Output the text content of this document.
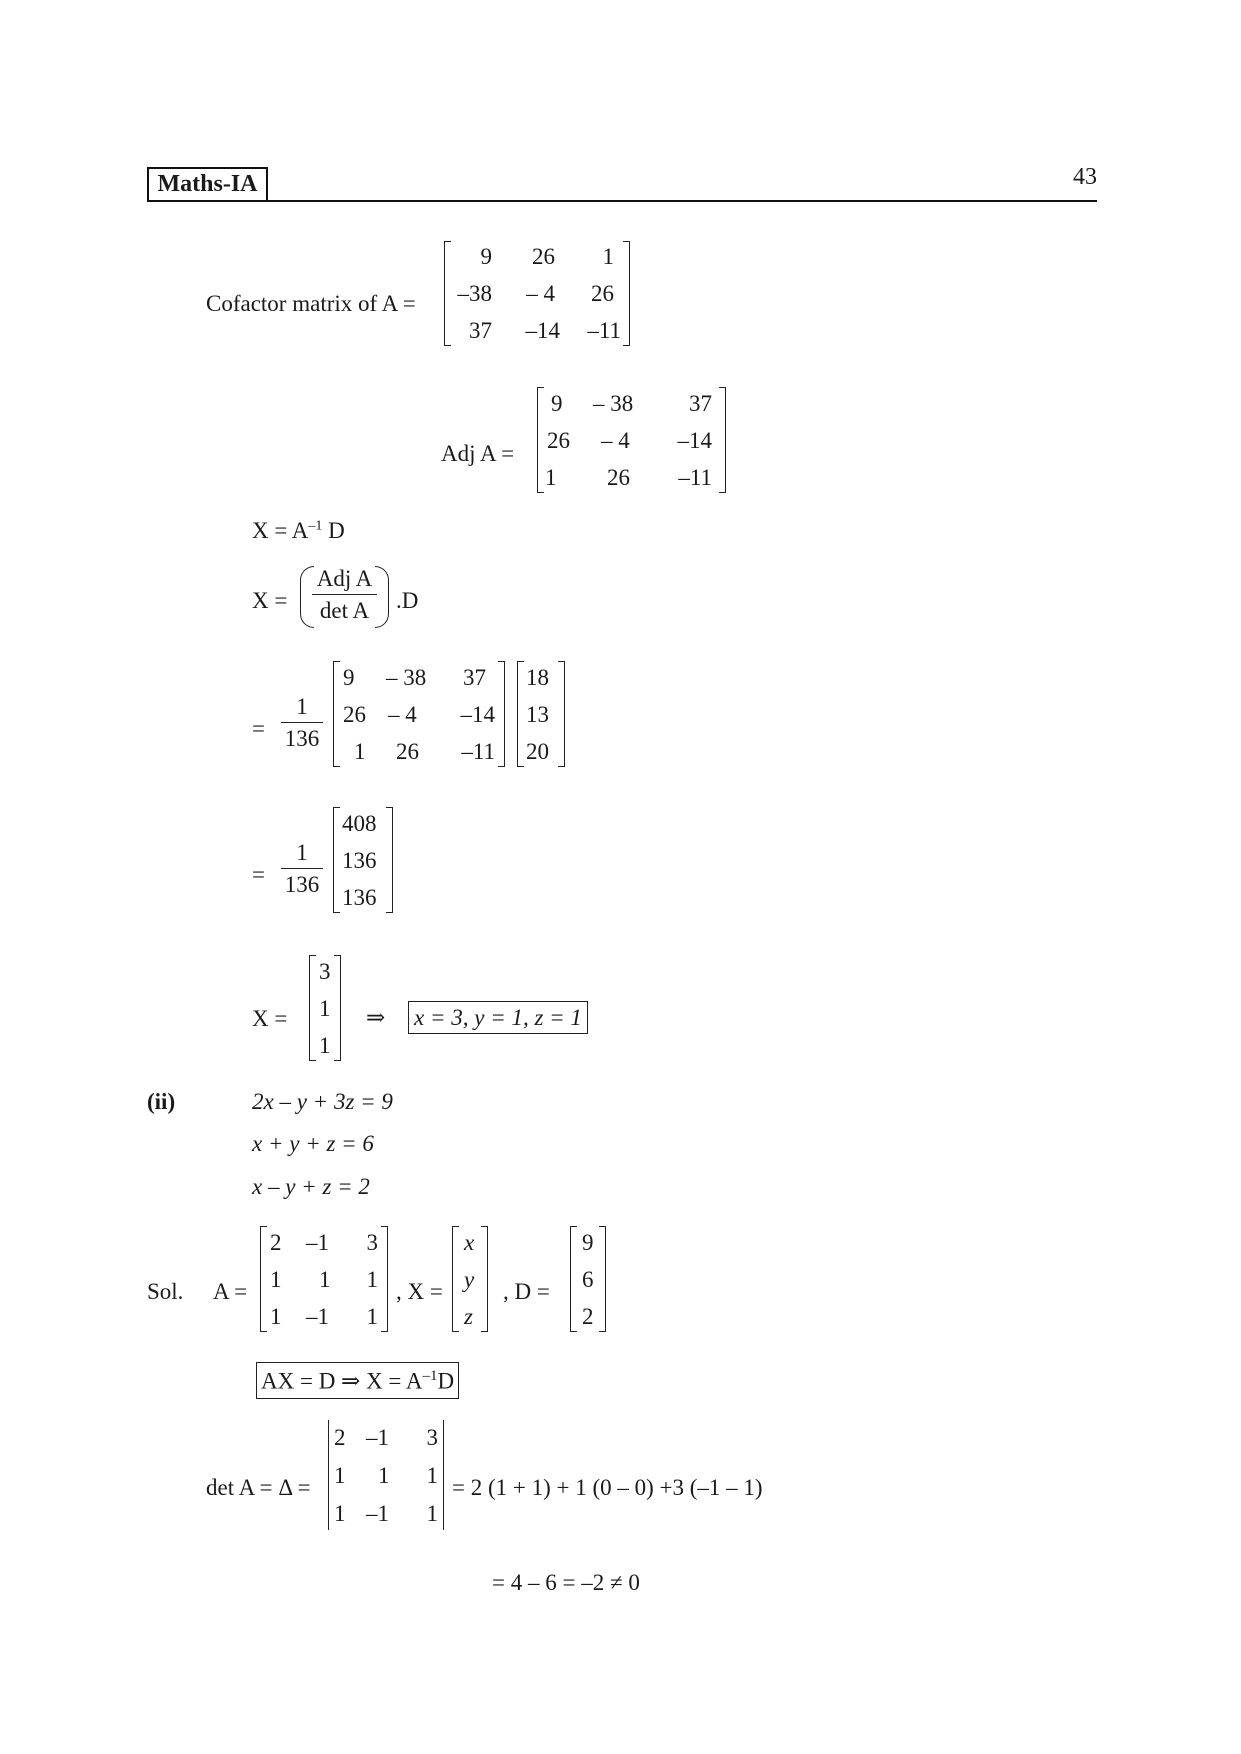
Maths-IA	43
Cofactor matrix of A =
9 26 1
–38 – 4 26
37 –14 –11
Adj A =
9 – 38 37
26 – 4 –14
1 26 –11
$X = A^{-1}$ D
X =
Adj A
det A	.D
=
1
136
9 – 38 37
26 – 4 –14
1 26 –11
18
13
20
=
1
136
408
136
136
X =
3
1
1
⇒ x = 3, y = 1, z = 1
(ii)	2x – y + 3z = 9
x + y + z = 6
x – y + z = 2
Sol. A =
2 –1 3
1 1 1
1 –1 1
, X =
x
y
z
, D =
9
6
2
AX = D ⇒ $X = A^{-1}D$
det A = Δ =
2 –1 3
1 1 1
1 –1 1
= 2 (1 + 1) + 1 (0 – 0) +3 (–1 – 1)
= 4 – 6 = –2 ≠ 0
